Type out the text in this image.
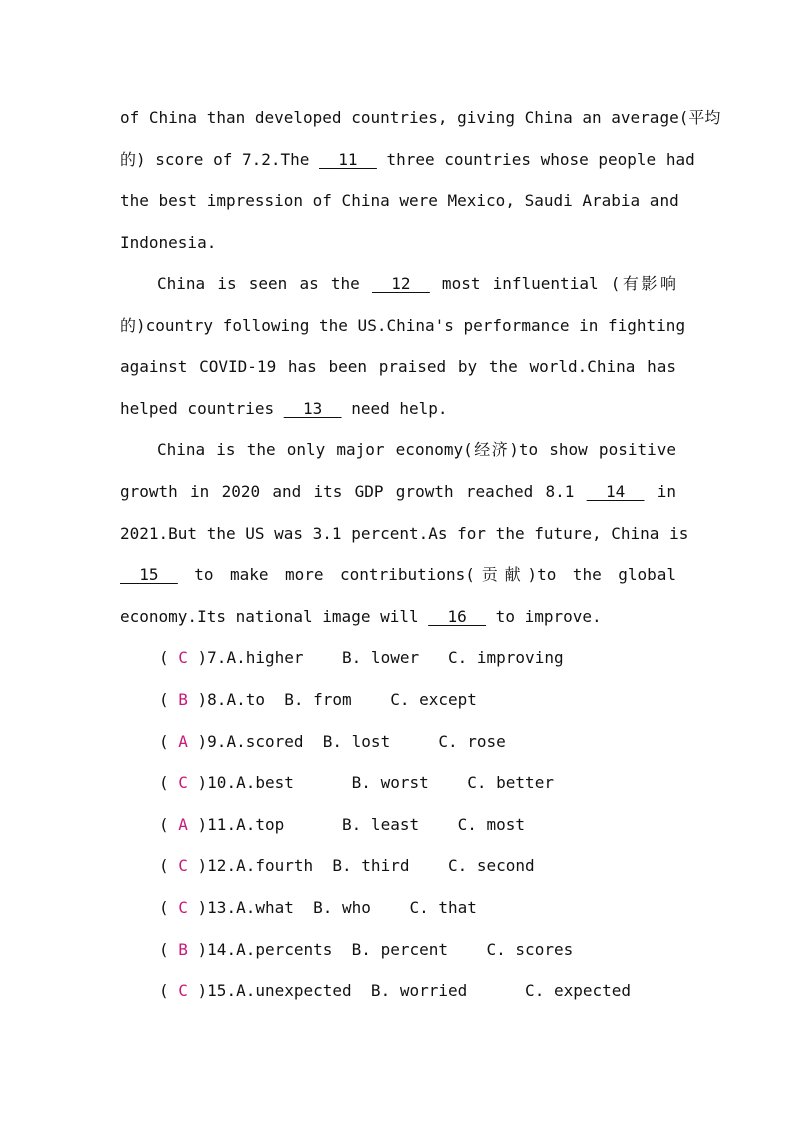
of China than developed countries, giving China an average(平均
的) score of 7.2.The __11__ three countries whose people had
the best impression of China were Mexico, Saudi Arabia and
Indonesia.
China is seen as the __12__ most influential (有影响
的)country following the US.China's performance in fighting
against COVID-19 has been praised by the world.China has
helped countries __13__ need help.
China is the only major economy(经济)to show positive
growth in 2020 and its GDP growth reached 8.1 __14__ in
2021.But the US was 3.1 percent.As for the future, China is
__15__ to make more contributions(贡献)to the global
economy.Its national image will __16__ to improve.
( C )7.A.higher    B. lower   C. improving
( B )8.A.to  B. from    C. except
( A )9.A.scored  B. lost     C. rose
( C )10.A.best      B. worst    C. better
( A )11.A.top      B. least    C. most
( C )12.A.fourth  B. third    C. second
( C )13.A.what  B. who    C. that
( B )14.A.percents  B. percent    C. scores
( C )15.A.unexpected  B. worried      C. expected
